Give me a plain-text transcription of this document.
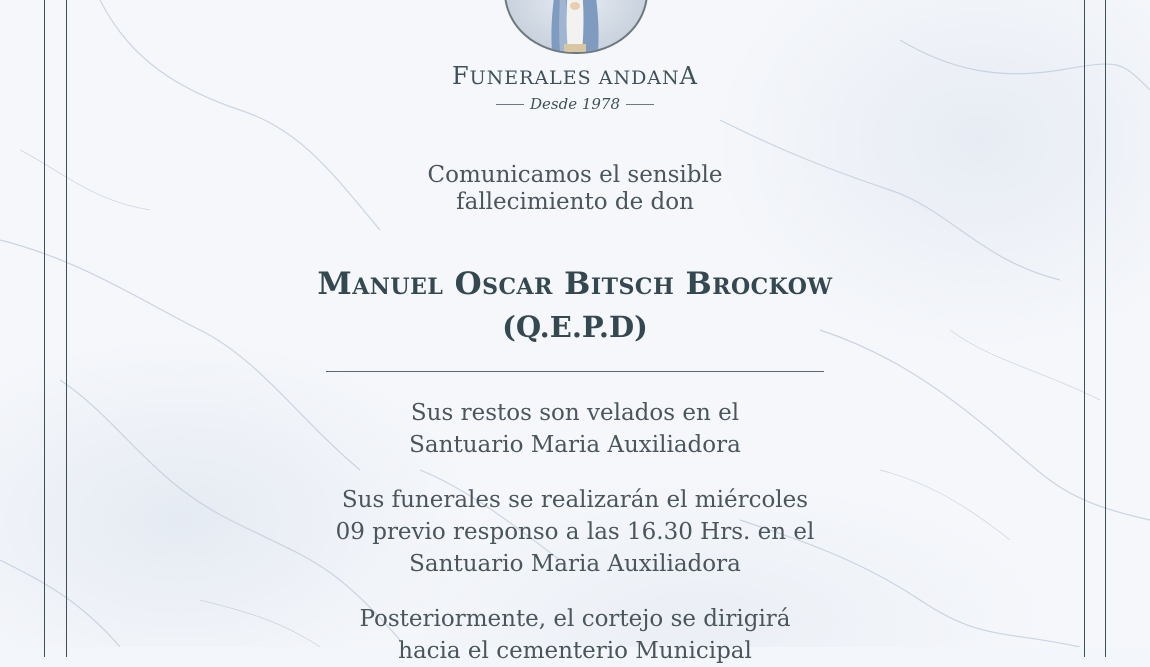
FUNERALES ANDANA
Desde 1978
Comunicamos el sensible
fallecimiento de don
Manuel Oscar Bitsch Brockow
(Q.E.P.D)
Sus restos son velados en el
Santuario Maria Auxiliadora
Sus funerales se realizarán el miércoles
09 previo responso a las 16.30 Hrs. en el
Santuario Maria Auxiliadora
Posteriormente, el cortejo se dirigirá
hacia el cementerio Municipal
